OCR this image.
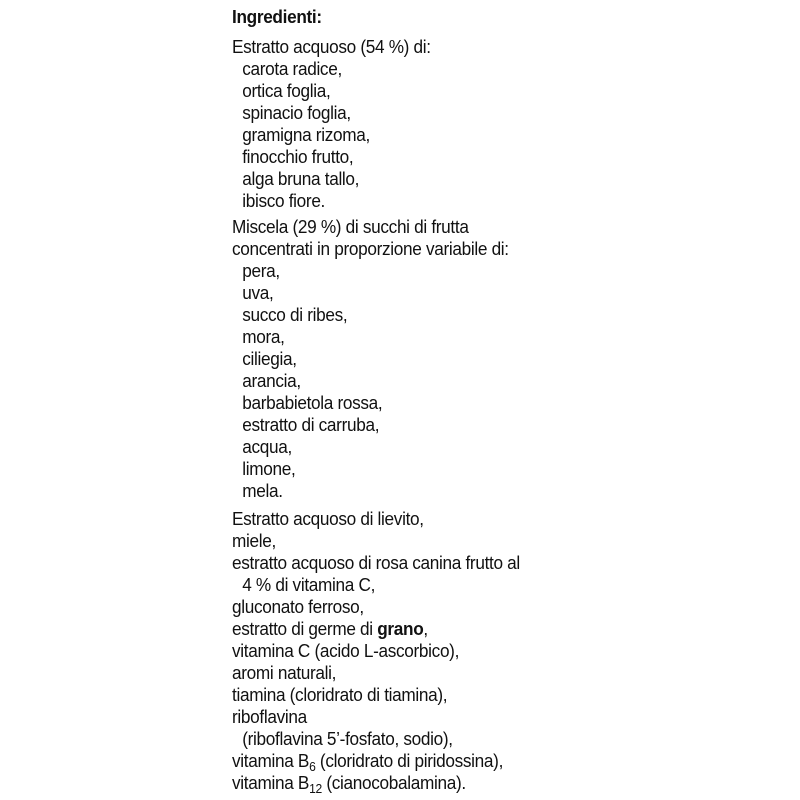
Ingredienti:
Estratto acquoso (54 %) di:
carota radice,
ortica foglia,
spinacio foglia,
gramigna rizoma,
finocchio frutto,
alga bruna tallo,
ibisco fiore.
Miscela (29 %) di succhi di frutta
concentrati in proporzione variabile di:
pera,
uva,
succo di ribes,
mora,
ciliegia,
arancia,
barbabietola rossa,
estratto di carruba,
acqua,
limone,
mela.
Estratto acquoso di lievito,
miele,
estratto acquoso di rosa canina frutto al
4 % di vitamina C,
gluconato ferroso,
estratto di germe di grano,
vitamina C (acido L-ascorbico),
aromi naturali,
tiamina (cloridrato di tiamina),
riboflavina
(riboflavina 5’-fosfato, sodio),
vitamina $B_6$ (cloridrato di piridossina),
vitamina $B_{12}$ (cianocobalamina).
